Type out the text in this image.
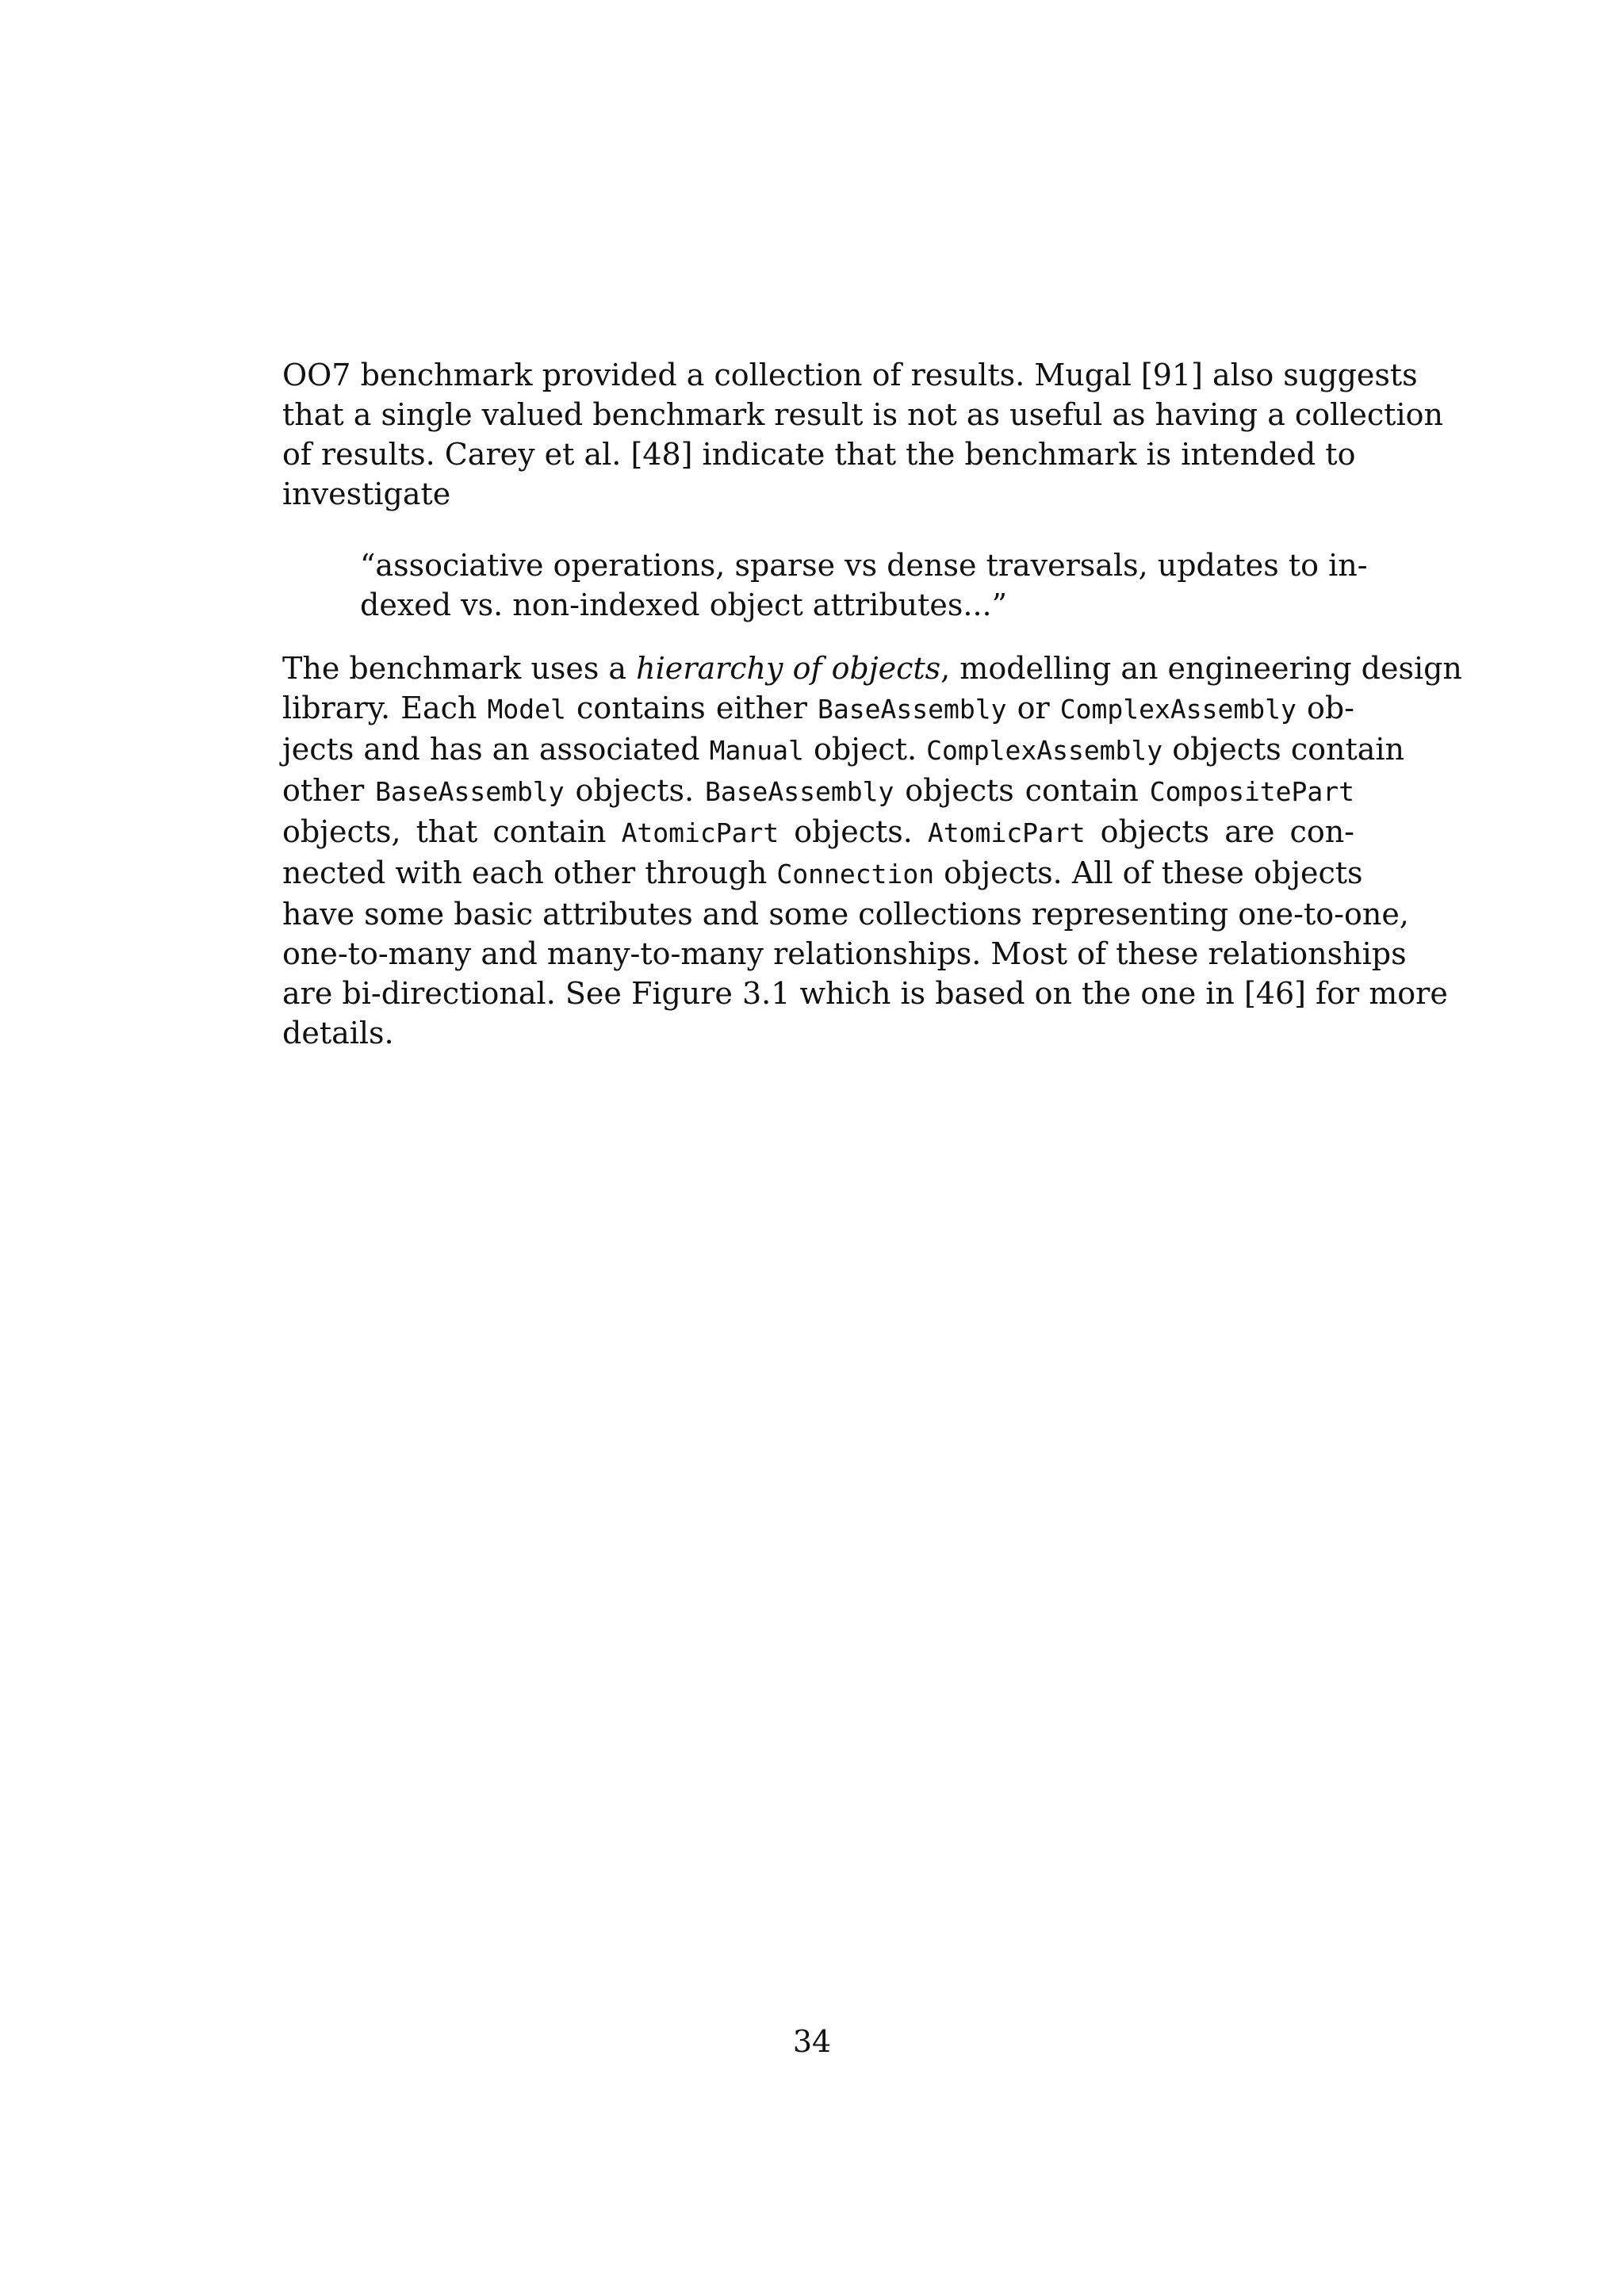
OO7 benchmark provided a collection of results. Mugal [91] also suggests
that a single valued benchmark result is not as useful as having a collection
of results. Carey et al. [48] indicate that the benchmark is intended to
investigate
“associative operations, sparse vs dense traversals, updates to in-
dexed vs. non-indexed object attributes...”
The benchmark uses a hierarchy of objects, modelling an engineering design
library. Each Model contains either BaseAssembly or ComplexAssembly ob-
jects and has an associated Manual object. ComplexAssembly objects contain
other BaseAssembly objects. BaseAssembly objects contain CompositePart
objects, that contain AtomicPart objects. AtomicPart objects are con-
nected with each other through Connection objects. All of these objects
have some basic attributes and some collections representing one-to-one,
one-to-many and many-to-many relationships. Most of these relationships
are bi-directional. See Figure 3.1 which is based on the one in [46] for more
details.
34
